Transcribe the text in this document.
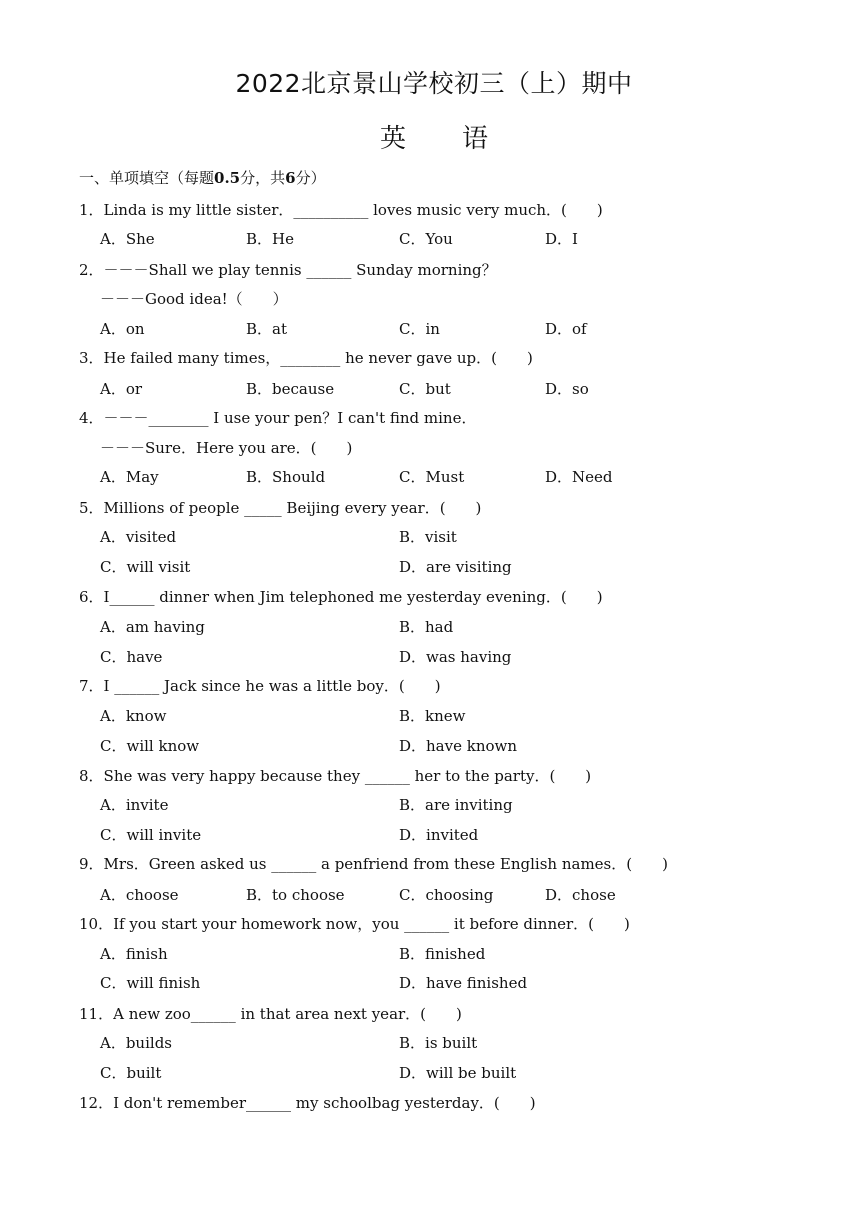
2022北京景山学校初三（上）期中
英 语
一、单项填空（每题0.5分，共6分）
1．Linda is my little sister．__________ loves music very much．(　　)
A．She	B．He	C．You	D．I
2．－－－Shall we play tennis ______ Sunday morning？
－－－Good idea!（　　）
A．on	B．at	C．in	D．of
3．He failed many times，________ he never gave up．(　　)
A．or	B．because	C．but	D．so
4．－－－________ I use your pen？I can't find mine．
－－－Sure．Here you are．(　　)
A．May	B．Should	C．Must	D．Need
5．Millions of people _____ Beijing every year．(　　)
A．visited	B．visit
C．will visit	D．are visiting
6．I______ dinner when Jim telephoned me yesterday evening．(　　)
A．am having	B．had
C．have	D．was having
7．I ______ Jack since he was a little boy．(　　)
A．know	B．knew
C．will know	D．have known
8．She was very happy because they ______ her to the party．(　　)
A．invite	B．are inviting
C．will invite	D．invited
9．Mrs．Green asked us ______ a penfriend from these English names．(　　)
A．choose	B．to choose	C．choosing	D．chose
10．If you start your homework now，you ______ it before dinner．(　　)
A．finish	B．finished
C．will finish	D．have finished
11．A new zoo______ in that area next year．(　　)
A．builds	B．is built
C．built	D．will be built
12．I don't remember______ my schoolbag yesterday．(　　)
